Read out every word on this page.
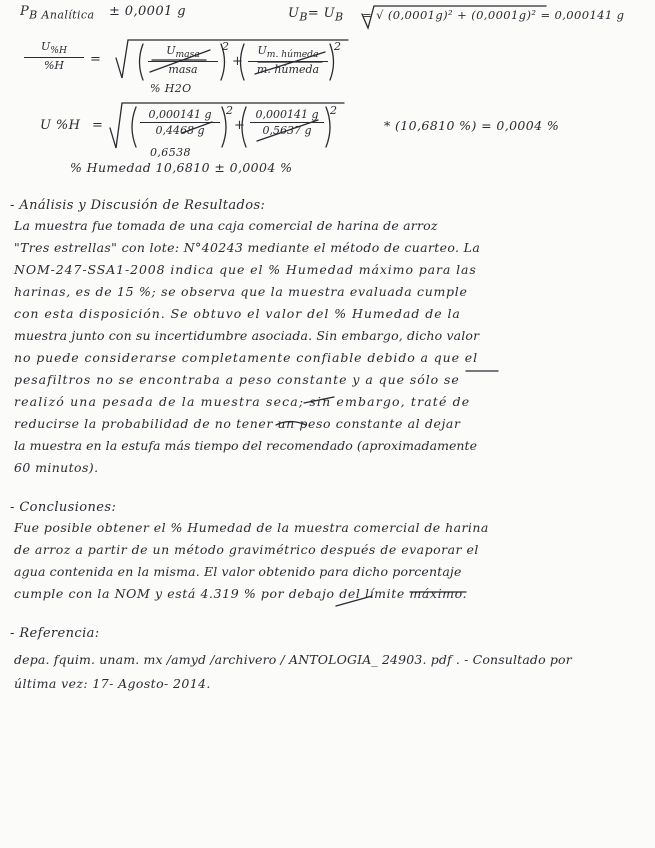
$P_{B Analítica} \pm 0,0001$ g	$U_B= U_B$ = √ (0,0001g)² + (0,0001g)² = 0,000141 g
$\frac{U_{\%H}}{\%H}$ =
$U_{masa}$
masa
2
+
$U_{m. húmeda}$
m. húmeda
2
% H2O
U %H =	$\frac{0,000141 g}{0,4468 g}$
0,6538
2
+ $\frac{0,000141 g}{0,5637 g} 2$
* (10,6810 %) = 0,0004 %
% Humedad 10,6810 ± 0,0004 %
- Análisis y Discusión de Resultados:
La muestra fue tomada de una caja comercial de harina de arroz
"Tres estrellas" con lote: N°40243 mediante el método de cuarteo. La
NOM-247-SSA1-2008 indica que el % Humedad máximo para las
harinas, es de 15 %; se observa que la muestra evaluada cumple
con esta disposición. Se obtuvo el valor del % Humedad de la
muestra junto con su incertidumbre asociada. Sin embargo, dicho valor
no puede considerarse completamente confiable debido a que el
pesafiltros no se encontraba a peso constante y a que sólo se
realizó una pesada de la muestra seca; sin embargo, traté de
reducirse la probabilidad de no tener un peso constante al dejar
la muestra en la estufa más tiempo del recomendado (aproximadamente
60 minutos).
- Conclusiones:
Fue posible obtener el % Humedad de la muestra comercial de harina
de arroz a partir de un método gravimétrico después de evaporar el
agua contenida en la misma. El valor obtenido para dicho porcentaje
cumple con la NOM y está 4.319 % por debajo del límite máximo.
- Referencia:
depa. fquim. unam. mx /amyd /archivero / ANTOLOGIA_ 24903. pdf . - Consultado por
última vez: 17- Agosto- 2014.
